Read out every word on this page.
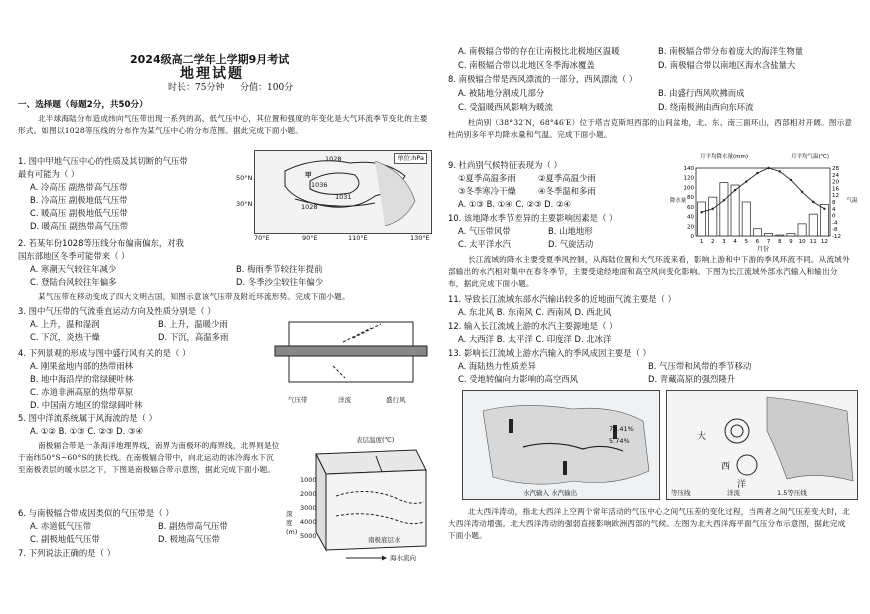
2024级高二学年上学期9月考试
地理试题
时长：75分钟 分值：100分
一、选择题（每题2分，共50分）
北半球海陆分布造成纬向气压带出现一系列的高、低气压中心，其位置和强度的年变化是大气环流季节变化的主要形式。如图以1028等压线的分布作为某气压中心的分布范围。据此完成下面小题。
单位:hPa
1028
甲
1036
1031
1028
50°N
30°N
70°E	90°E	110°E	130°E
1. 图中甲地气压中心的性质及其切断的气压带
最有可能为（ ）
A. 冷高压 副热带高气压带
B. 冷高压 副极地低气压带
C. 暖高压 副极地低气压带
D. 暖高压 副热带高气压带
2. 若某年份1028等压线分布偏南偏东，对我
国东部地区冬季可能带来（ ）
A. 寒潮天气较往年减少	B. 梅雨季节较往年提前
C. 登陆台风较往年偏多	D. 冬季沙尘较往年偏少
某气压带在移动变成了四大文明古国，知图示意该气压带及附近环流形势。完成下面小题。
3. 图中气压带的气流垂直运动方向及性质分别是（ ）
A. 上升，温和湿润	B. 上升，温暖少雨
C. 下沉，炎热干燥	D. 下沉，高温多雨
气压带	洋流	盛行风
4. 下列景观的形成与图中盛行风有关的是（ ）
A. 刚果盆地内部的热带雨林
B. 地中海沿岸的常绿硬叶林
C. 赤道非洲高原的热带草原
D. 中国南方地区的常绿阔叶林
5. 图中洋流系统属于风海流的是（ ）
A. ①② B. ①③ C. ②③ D. ③④
南极辐合带是一条海洋地理界线，南界为南极环的海界线，北界则是位于南纬50°S~60°S的狭长线。在南极辐合带中，向北运动的冰冷海水下沉至南极表层的暖水层之下，下图是南极辐合带示意图，据此完成下面小题。
表层温度(℃)
深度(m)
1000
2000
3000
4000
5000	南极底层水
海水流向
6. 与南极辐合带成因类似的气压带是（ ）
A. 赤道低气压带	B. 副热带高气压带
C. 副极地低气压带	D. 极地高气压带
7. 下列说法正确的是（ ）
A. 南极辐合带的存在让南极比北极地区温暖	B. 南极辐合带分布着庞大的海洋生物量
C. 南极辐合带以北地区冬季海冰覆盖	D. 南极辐合带以南地区海水含盐量大
8. 南极辐合带是西风漂流的一部分，西风漂流（ ）
A. 被陆地分割成几部分	B. 由盛行西风吹拂而成
C. 受温暖西风影响为暖流	D. 绕南极洲由西向东环流
杜尚别（38°32′N，68°46′E）位于塔吉克斯坦西部的山间盆地，北、东、南三面环山，西部相对开阔。图示意杜尚别多年平均降水量和气温。完成下面小题。
140
120
100
80
60
40
20
0
28
24
20
16
12
8
4
0
-4
-8
-12
1 2 3 4 5 6 7 8 9 10 11 12
月份
月平均降水量(mm)	月平均气温(℃)
降水量	气温
9. 杜尚别气候特征表现为（ ）
①夏季高温多雨	②夏季高温少雨
③冬季寒冷干燥	④冬季温和多雨
A. ①③ B. ①④ C. ②③ D. ②④
10. 该地降水季节差异的主要影响因素是（ ）
A. 气压带风带	B. 山地地形
C. 太平洋水汽	D. 气旋活动
长江流域的降水主要受夏季风控制，从海陆位置和大气环流来看，影响上游和中下游的季风环流不同。从流域外部输出的水汽相对集中在春冬季节，主要受途经地面和高空风向变化影响。下图为长江流域外部水汽输入和输出分布，据此完成下面小题。
11. 导致长江流域东部水汽输出较多的近地面气流主要是（ ）
A. 东北风 B. 东南风 C. 西南风 D. 西北风
12. 输入长江流域上游的水汽主要源地是（ ）
A. 大西洋 B. 太平洋 C. 印度洋 D. 北冰洋
13. 影响长江流域上游水汽输入的季风成因主要是（ ）
A. 海陆热力性质差异	B. 气压带和风带的季节移动
C. 受地转偏向力影响的高空西风	D. 青藏高原的强烈隆升
78.41%
5.74%
水汽输入 水汽输出
大
西
洋
等压线	洋流	1.5等压线
北大西洋涛动，指北大西洋上空两个常年活动的气压中心之间气压差的变化过程，当两者之间气压差变大时，北大西洋涛动增强。北大西洋涛动的强弱直接影响欧洲西部的气候。左图为北大西洋海平面气压分布示意图，据此完成下面小题。
